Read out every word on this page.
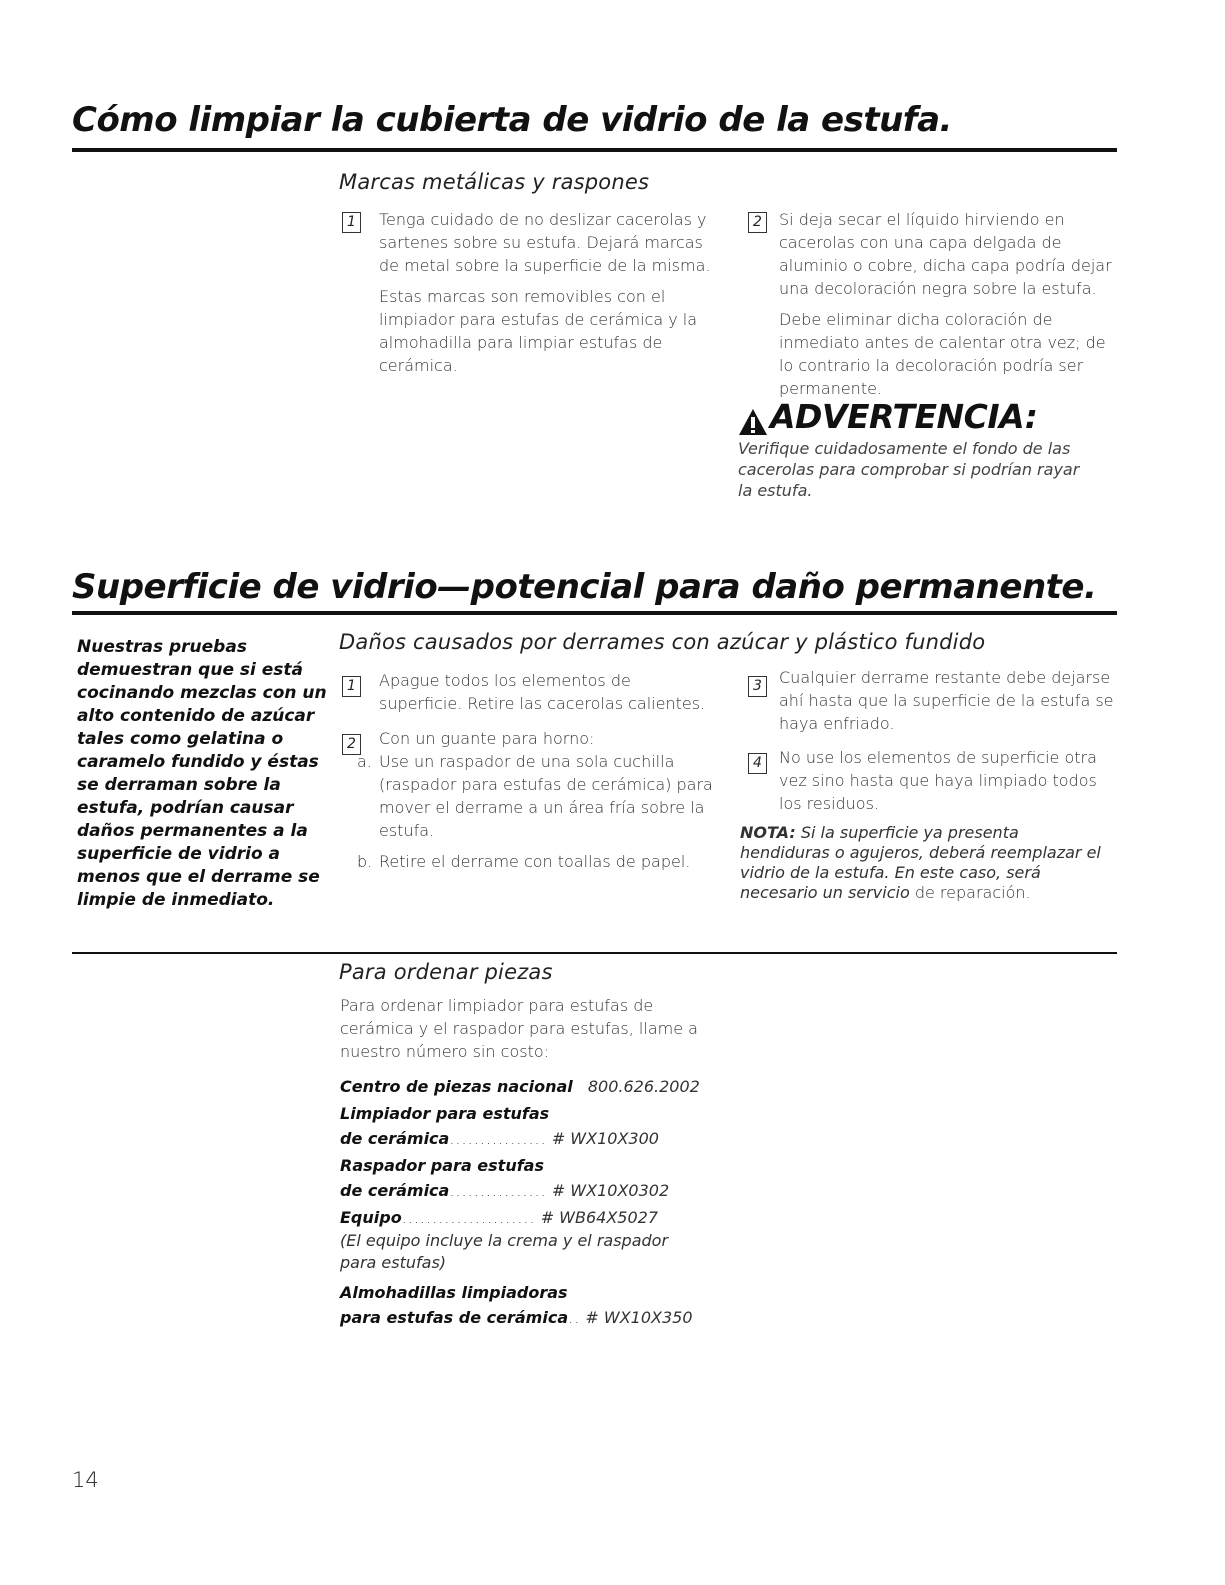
Cómo limpiar la cubierta de vidrio de la estufa.
Marcas metálicas y raspones
1	Tenga cuidado de no deslizar cacerolas y sartenes sobre su estufa. Dejará marcas de metal sobre la superficie de la misma.

Estas marcas son removibles con el limpiador para estufas de cerámica y la almohadilla para limpiar estufas de cerámica.

2	Si deja secar el líquido hirviendo en cacerolas con una capa delgada de aluminio o cobre, dicha capa podría dejar una decoloración negra sobre la estufa.

Debe eliminar dicha coloración de inmediato antes de calentar otra vez; de lo contrario la decoloración podría ser permanente.

ADVERTENCIA:
Verifique cuidadosamente el fondo de las cacerolas para comprobar si podrían rayar la estufa.
Superficie de vidrio—potencial para daño permanente.
Nuestras pruebas demuestran que si está cocinando mezclas con un alto contenido de azúcar tales como gelatina o caramelo fundido y éstas se derraman sobre la estufa, podrían causar daños permanentes a la superficie de vidrio a menos que el derrame se limpie de inmediato.
Daños causados por derrames con azúcar y plástico fundido
1	Apague todos los elementos de superficie. Retire las cacerolas calientes.

2	Con un guante para horno:
a. Use un raspador de una sola cuchilla (raspador para estufas de cerámica) para mover el derrame a un área fría sobre la estufa.
b. Retire el derrame con toallas de papel.
3	Cualquier derrame restante debe dejarse ahí hasta que la superficie de la estufa se haya enfriado.

4	No use los elementos de superficie otra vez sino hasta que haya limpiado todos los residuos.

NOTA: Si la superficie ya presenta hendiduras o agujeros, deberá reemplazar el vidrio de la estufa. En este caso, será necesario un servicio de reparación.
Para ordenar piezas
Para ordenar limpiador para estufas de cerámica y el raspador para estufas, llame a nuestro número sin costo:
Centro de piezas nacional 800.626.2002
Limpiador para estufas
de cerámica................ # WX10X300
Raspador para estufas
de cerámica................ # WX10X0302
Equipo...................... # WB64X5027
(El equipo incluye la crema y el raspador para estufas)
Almohadillas limpiadoras
para estufas de cerámica.. # WX10X350
14
